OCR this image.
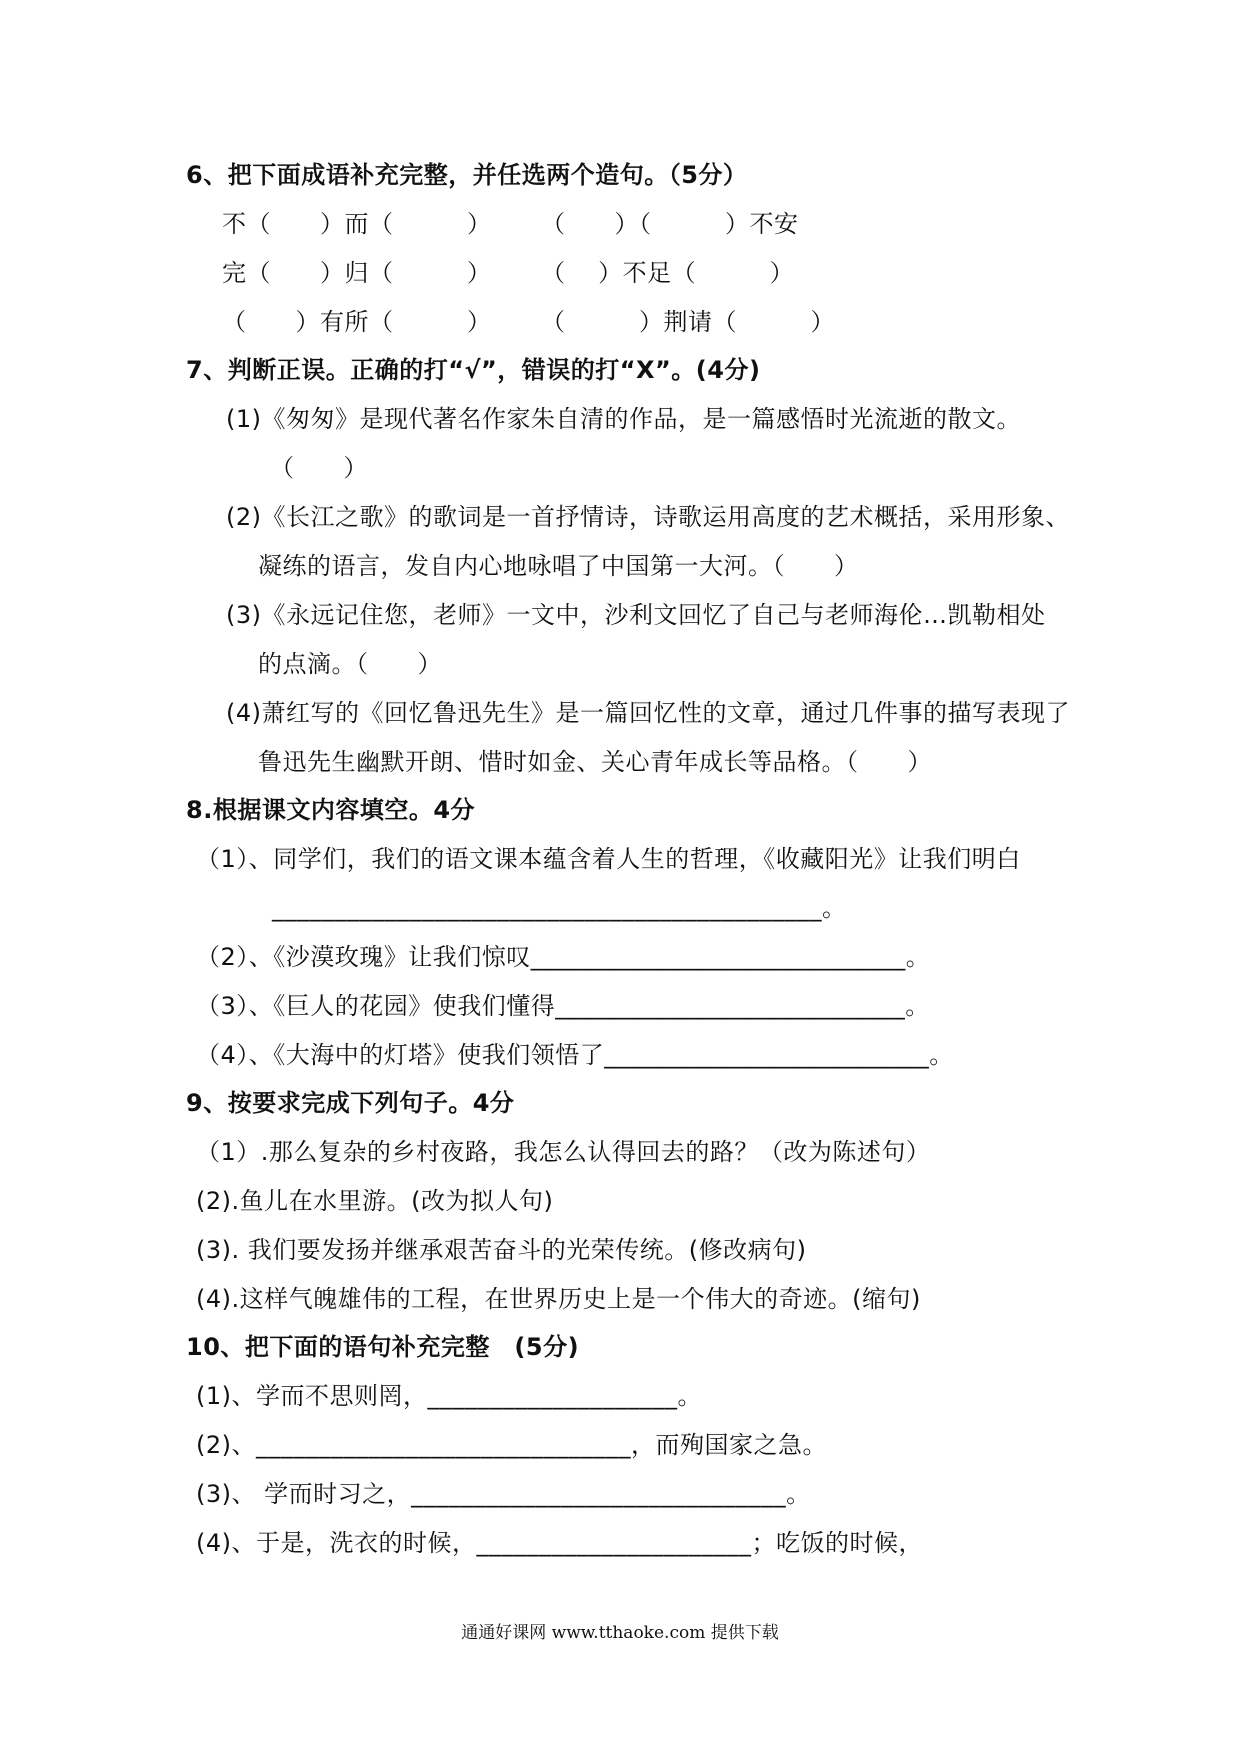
6、把下面成语补充完整，并任选两个造句。（5分）
不（　　）而（　　　）　　　（　　）（　　　）不安
完（　　）归（　　　）　　　（　 ）不足（　　　）
（　　）有所（　　　）　　　（　　　）荆请（　　　）
7、判断正误。正确的打“√”，错误的打“X”。(4分)
(1)《匆匆》是现代著名作家朱自清的作品，是一篇感悟时光流逝的散文。
（　　）
(2)《长江之歌》的歌词是一首抒情诗，诗歌运用高度的艺术概括，采用形象、
凝练的语言，发自内心地咏唱了中国第一大河。（　　）
(3)《永远记住您，老师》一文中，沙利文回忆了自己与老师海伦…凯勒相处
的点滴。（　　）
(4)萧红写的《回忆鲁迅先生》是一篇回忆性的文章，通过几件事的描写表现了
鲁迅先生幽默开朗、惜时如金、关心青年成长等品格。（　　）
8.根据课文内容填空。4分
（1）、同学们，我们的语文课本蕴含着人生的哲理，《收藏阳光》让我们明白
____________________________________________。
（2）、《沙漠玫瑰》让我们惊叹______________________________。
（3）、《巨人的花园》使我们懂得____________________________。
（4）、《大海中的灯塔》使我们领悟了__________________________。
9、按要求完成下列句子。4分
（1）.那么复杂的乡村夜路，我怎么认得回去的路？（改为陈述句）
(2).鱼儿在水里游。(改为拟人句)
(3). 我们要发扬并继承艰苦奋斗的光荣传统。(修改病句)
(4).这样气魄雄伟的工程，在世界历史上是一个伟大的奇迹。(缩句)
10、把下面的语句补充完整　(5分)
(1)、学而不思则罔，____________________。
(2)、______________________________，而殉国家之急。
(3)、 学而时习之，______________________________。
(4)、于是，洗衣的时候，______________________；吃饭的时候，
通通好课网 www.tthaoke.com 提供下载
